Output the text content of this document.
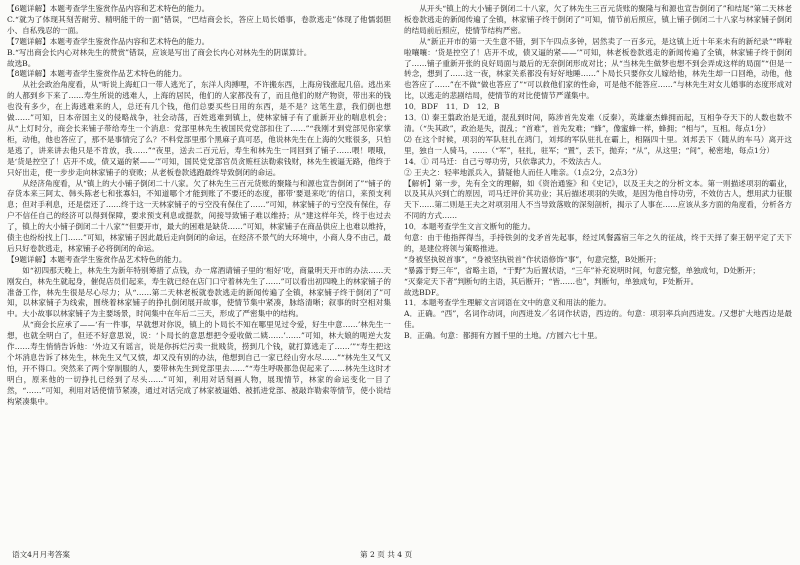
【6题详解】本题考查学生鉴赏作品内容和艺术特色的能力。

C.“就为了体现其刻苦耐劳、精明能干的一面”错误，“巴结商会长，答应上局长婚事，卷款逃走”体现了他懦弱胆小、自私残忍的一面。

【7题详解】本题考查学生鉴赏作品内容和艺术特色的能力。

B.“写出商会长内心对林先生的赞赏”错误，应该是写出了商会长内心对林先生的阴谋算计。

故选B。

【8题详解】本题考查学生鉴赏作品艺术特色的能力。

从社会政治角度看，从“听说上海虹口一带人逃光了，东洋人肉搏哩，不许搬东西，上海房钱涨起几倍。逃出来的人都到乡下来了……寿生所说的逃难人，上海的居民，他们的人家都没有了，而且他们的财产物资，带出来的钱也没有多少，在上海逃难来的人，总还有几个钱，他们总要买些日用的东西，是不是？这笔生意，我们倒也想做……”可知，日本帝国主义的侵略战争，社会动荡，百姓逃难到镇上，使林家铺子有了重新开业的喘息机会；从“上灯时分，商会长来铺子带给寿生一个消息：党部里林先生被国民党党部扣住了……”“我刚才到党部见你家掌柜，动他，他也答应了，那不是事情完了么？不料党部里那个黑麻子真可恶，他说林先生在上海的欠账很多，只怕是逃了，讲来讲去他只是不肯放，我……”“夜里，送去二百元后，寿生和林先生一同回到了铺子……喂！喂哦，是‘货是控空了！店开不成，债又逼的紧——’”可知，国民党党部官员贪赃枉法勒索钱财，林先生被逼无路，他终于只好出走，使一步步走向林家铺子的衰败；从老板卷款逃跑最终导致倒闭的命运。

从经济角度看，从“镇上的大小铺子倒闭二十八家。欠了林先生三百元货账的聚隆与和源也宣告倒闭了”“铺子的存货本来三阿太、韩头陈老七和张寡妇，不知道哪个才能到账了不要还的态度，都带‘要退来吃’的信口，来预支利息；但对手利息，还是偿还了……终于这一天林家铺子的亏空没有保住了……”可知，林家铺子的亏空没有保住，存户不信任自己的经济可以得到保障，要求预支利息或提款，间接导致铺子难以维持；从“建这样年关，终于也过去了，镇上的大小铺子倒闭二十八家”“但要开市，最大的困难是缺货……”可知，林家铺子在商品供应上也难以维持，债主也纷纷找上门……”可知，林家铺子因此最后走向倒闭的命运，在经济不景气的大环境中，小商人身不由己，最后只好卷款逃走，林家铺子必将倒闭的命运。

【9题详解】本题考查学生鉴赏作品艺术特色的能力。

如“初四那天晚上，林先生为新年特别筹措了点钱，办一席酒请铺子里的‘相好’吃，商量明天开市的办法……天刚发白，林先生就起身，催促店员们起来，寿生就已经在店门口守着林先生了……”可以看出初四晚上的林家铺子的准备工作，林先生很是尽心尽力；从“……第二天林老板就卷款逃走的新闻传遍了全镇，林家铺子终于倒闭了”可知，以林家铺子为线索，围绕着林家铺子的挣扎倒闭展开故事，使情节集中紧凑，脉络清晰；叙事的时空相对集中。大小故事以林家铺子为主要场景，时间集中在年后二三天，形成了严密集中的结构。

从“商会长应承了——‘有一件事，早就想对你说，镇上的卜局长不知在哪里见过令爱，好生中意……’林先生一想，也就全明白了，但还不好意思说，说：‘卜局长的意思想把令爱收做二姨……’……”可知，林大娘的呃逆大发作……寿生悄悄告诉他：‘外边又有谣言，说是你拆烂污卖一批贱货，捞到几个钱，就打算逃走了……’”“寿生把这个坏消息告诉了林先生，林先生又气又愤，却又没有别的办法，他想到自己一家已经山穷水尽……”“林先生又气又怕，开不得口。突然来了两个穿制服的人，要带林先生到党部里去……”“寿生呼吸都急促起来了……林先生这时才明白，原来他的一切挣扎已经到了尽头……”可知，利用对话刻画人物，展现情节，林家的命运变化一目了然，“……”可知，利用对话使情节紧凑，通过对话完成了林家被逼婚、被抓进党部、被敲诈勒索等情节，使小说结构紧凑集中。

从开头“镇上的大小铺子倒闭二十八家，欠了林先生三百元货账的聚隆与和源也宣告倒闭了”和结尾“第二天林老板卷款逃走的新闻传遍了全镇，林家铺子终于倒闭了”可知，情节前后照应，镇上铺子倒闭二十八家与林家铺子倒闭的结局前后照应，使情节结构严密。

从“新正开市的第一天生意不错，到下午四点多钟，居然卖了一百多元，是这镇上近十年来未有的新纪录”“哗啦啦嚷嚷：‘货是控空了！店开不成，债又逼的紧——’”可知，林老板卷款逃走的新闻传遍了全镇，林家铺子终于倒闭了……铺子重新开张的良好局面与最后的无奈倒闭形成对比；从“当林先生做梦也想不到会弄成这样的局面”“但是一转念，想到了……这一夜，林家关系都没有好好地睡……”卜局长只要你女儿嫁给他，林先生却一口回绝，动他，他也答应了……”在不做“做也答应了”“可以救他们家的性命，可是他不能答应……”与林先生对女儿婚事的态度形成对比，以逃走的悲剧结局，使情节的对比使情节严谨集中。

10．BDF　11．D　12．B

13．⑴ 秦王翦政治是无道，混乱到时间，陈涉首先发难（反秦），英雄豪杰蜂拥而起，互相争夺天下的人数也数不清。（“失其政”，政治是失，混乱；“首难”，首先发难；“蜂”，像蜜蜂一样，蜂拥；“相与”，互相。每点1分）

⑵ 在这个时候，项羽的军队驻扎在鸿门，刘邦的军队驻扎在霸上，相隔四十里。刘邦丢下（随从的车马）离开这里，独自一人骑马，……（“军”，驻扎，驻军；“置”，丢下，抛弃；“从”，从这里；“间”，秘密地，每点1分）

14．① 司马迁：自己亏辱功劳，只依靠武力，不效法古人。

② 王夫之：轻率地派兵入，猜疑他人而任人唯亲。（1点2分，2点3分）

【解析】第一步，先有全文的理解，如《资治通鉴》和《史记》，以及王夫之的分析文本。第一则描述项羽的霸业，以及其从兴到亡的原因，司马迁评价其功业；其后描述项羽的失败，是因为他自恃功劳，不效仿古人，想用武力征服天下……第二则是王夫之对项羽用人不当导致落败的深刻剖析，揭示了人事在……应该从多方面的角度看，分析各方不同的方式……

10．本题考查学生文言文断句的能力。

句意：由于他指挥得当，手持铁剑的戈矛首先起事，经过风餐露宿三年之久的征战，终于天择了秦王朝平定了天下的，是建位将领与策略推进。

“身被坚执锐首事”，“身被坚执锐首”作状语修饰“事”，句意完整，B处断开；

“暴露于野三年”，省略主语，“于野”为后置状语，“三年”补充说明时间，句意完整，单独成句，D处断开；

“灭秦定天下者”判断句的主语，其后断开；“皆……也”，判断句，单独成句，F处断开。

故选BDF。

11．本题考查学生理解文言词语在文中的意义和用法的能力。

A．正确。“西”，名词作动词，向西进发／名词作状语，西边的。句意：项羽率兵向西进发。/又想扩大地西边是最佳。

B．正确。句意：都拥有方圆千里的土地。/方圆六七十里。

语文4月月考答案	第 2 页 共 4 页
